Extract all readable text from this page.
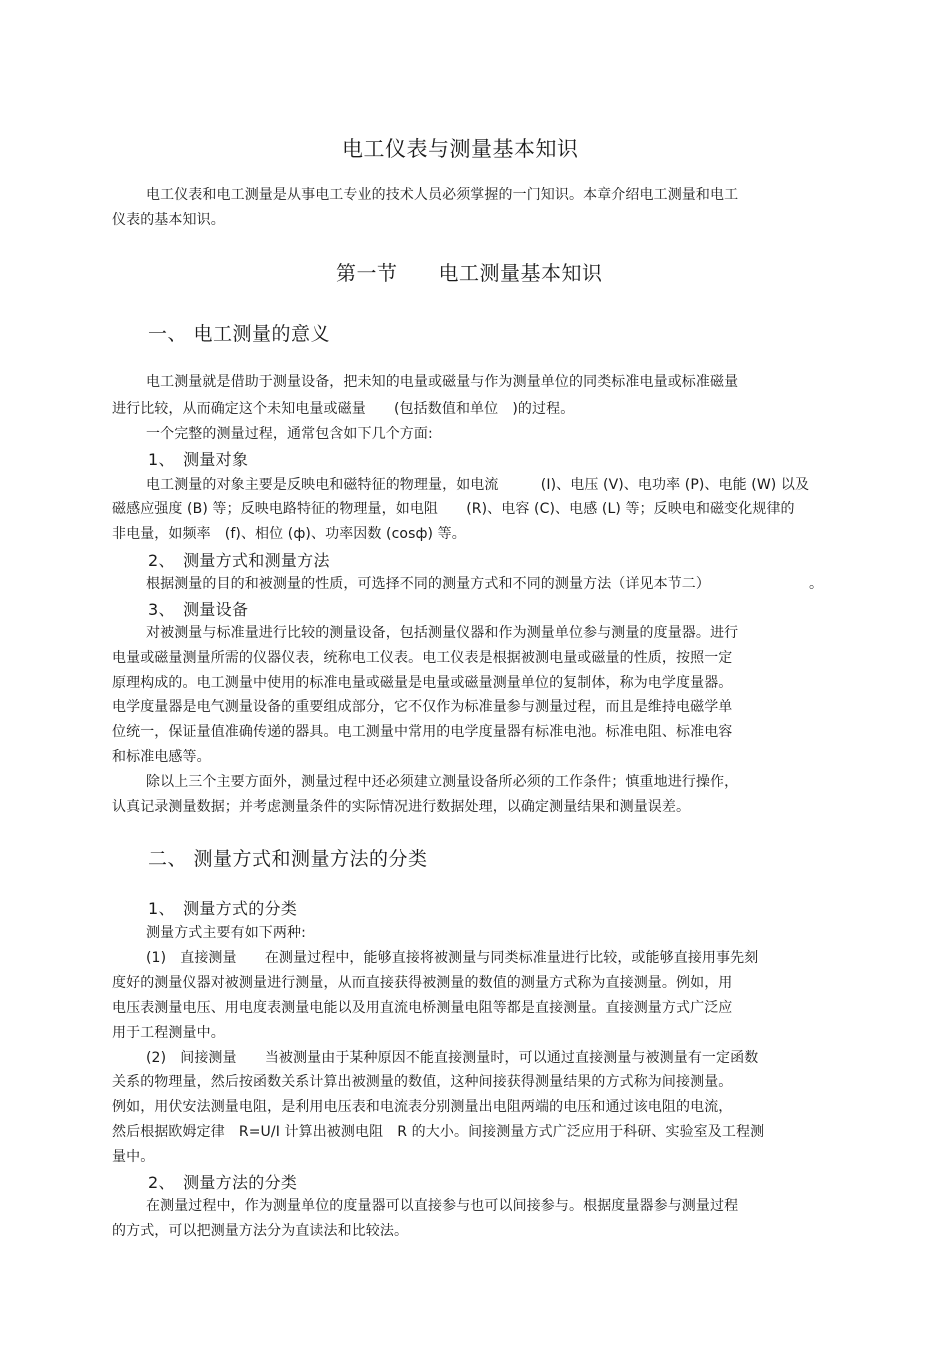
电工仪表与测量基本知识
电工仪表和电工测量是从事电工专业的技术人员必须掌握的一门知识。本章介绍电工测量和电工
仪表的基本知识。
第一节　　电工测量基本知识
一、 电工测量的意义
电工测量就是借助于测量设备，把未知的电量或磁量与作为测量单位的同类标准电量或标准磁量
进行比较，从而确定这个未知电量或磁量　　(包括数值和单位　)的过程。
一个完整的测量过程，通常包含如下几个方面:
1、　测量对象
电工测量的对象主要是反映电和磁特征的物理量，如电流　　　(I)、电压 (V)、电功率 (P)、电能 (W) 以及
磁感应强度 (B) 等；反映电路特征的物理量，如电阻　　(R)、电容 (C)、电感 (L) 等；反映电和磁变化规律的
非电量，如频率　(f)、相位 (ф)、功率因数 (cosф) 等。
2、　测量方式和测量方法
根据测量的目的和被测量的性质，可选择不同的测量方式和不同的测量方法（详见本节二）	。
3、　测量设备
对被测量与标准量进行比较的测量设备，包括测量仪器和作为测量单位参与测量的度量器。进行
电量或磁量测量所需的仪器仪表，统称电工仪表。电工仪表是根据被测电量或磁量的性质，按照一定
原理构成的。电工测量中使用的标准电量或磁量是电量或磁量测量单位的复制体，称为电学度量器。
电学度量器是电气测量设备的重要组成部分，它不仅作为标准量参与测量过程，而且是维持电磁学单
位统一，保证量值准确传递的器具。电工测量中常用的电学度量器有标准电池。标准电阻、标准电容
和标准电感等。
除以上三个主要方面外，测量过程中还必须建立测量设备所必须的工作条件；慎重地进行操作，
认真记录测量数据；并考虑测量条件的实际情况进行数据处理，以确定测量结果和测量误差。
二、 测量方式和测量方法的分类
1、　测量方式的分类
测量方式主要有如下两种:
(1)　直接测量　　在测量过程中，能够直接将被测量与同类标准量进行比较，或能够直接用事先刻
度好的测量仪器对被测量进行测量，从而直接获得被测量的数值的测量方式称为直接测量。例如，用
电压表测量电压、用电度表测量电能以及用直流电桥测量电阻等都是直接测量。直接测量方式广泛应
用于工程测量中。
(2)　间接测量　　当被测量由于某种原因不能直接测量时，可以通过直接测量与被测量有一定函数
关系的物理量，然后按函数关系计算出被测量的数值，这种间接获得测量结果的方式称为间接测量。
例如，用伏安法测量电阻，是利用电压表和电流表分别测量出电阻两端的电压和通过该电阻的电流，
然后根据欧姆定律　R=U/I 计算出被测电阻　R 的大小。间接测量方式广泛应用于科研、实验室及工程测
量中。
2、　测量方法的分类
在测量过程中，作为测量单位的度量器可以直接参与也可以间接参与。根据度量器参与测量过程
的方式，可以把测量方法分为直读法和比较法。
